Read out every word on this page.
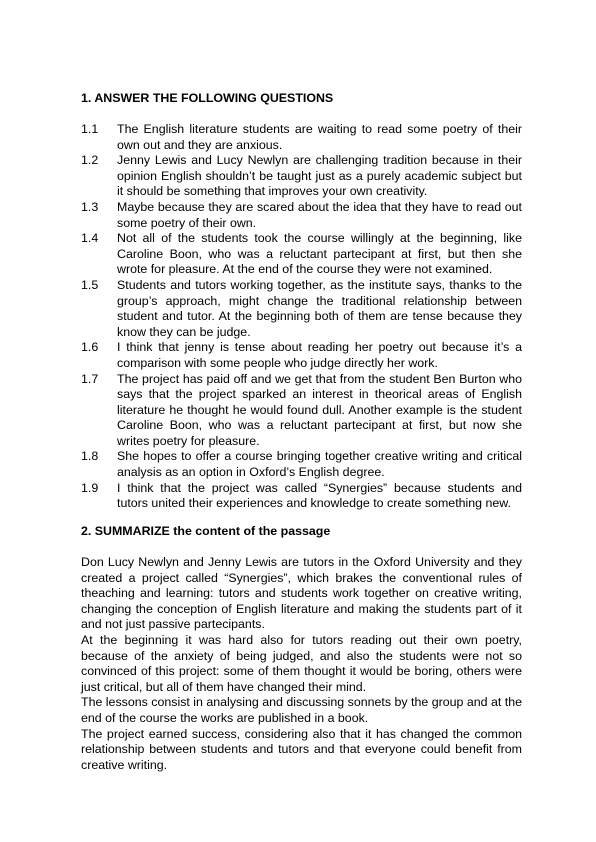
1. ANSWER THE FOLLOWING QUESTIONS
1.1	The English literature students are waiting to read some poetry of their own out and they are anxious.
1.2	Jenny Lewis and Lucy Newlyn are challenging tradition because in their opinion English shouldn’t be taught just as a purely academic subject but it should be something that improves your own creativity.
1.3	Maybe because they are scared about the idea that they have to read out some poetry of their own.
1.4	Not all of the students took the course willingly at the beginning, like Caroline Boon, who was a reluctant partecipant at first, but then she wrote for pleasure. At the end of the course they were not examined.
1.5	Students and tutors working together, as the institute says, thanks to the group’s approach, might change the traditional relationship between student and tutor. At the beginning both of them are tense because they know they can be judge.
1.6	I think that jenny is tense about reading her poetry out because it’s a comparison with some people who judge directly her work.
1.7	The project has paid off and we get that from the student Ben Burton who says that the project sparked an interest in theorical areas of English literature he thought he would found dull. Another example is the student Caroline Boon, who was a reluctant partecipant at first, but now she writes poetry for pleasure.
1.8	She hopes to offer a course bringing together creative writing and critical analysis as an option in Oxford’s English degree.
1.9	I think that the project was called “Synergies” because students and tutors united their experiences and knowledge to create something new.
2. SUMMARIZE the content of the passage

Don Lucy Newlyn and Jenny Lewis are tutors in the Oxford University and they created a project called “Synergies”, which brakes the conventional rules of theaching and learning: tutors and students work together on creative writing, changing the conception of English literature and making the students part of it and not just passive partecipants.

At the beginning it was hard also for tutors reading out their own poetry, because of the anxiety of being judged, and also the students were not so convinced of this project: some of them thought it would be boring, others were just critical, but all of them have changed their mind.

The lessons consist in analysing and discussing sonnets by the group and at the end of the course the works are published in a book.

The project earned success, considering also that it has changed the common relationship between students and tutors and that everyone could benefit from creative writing.
